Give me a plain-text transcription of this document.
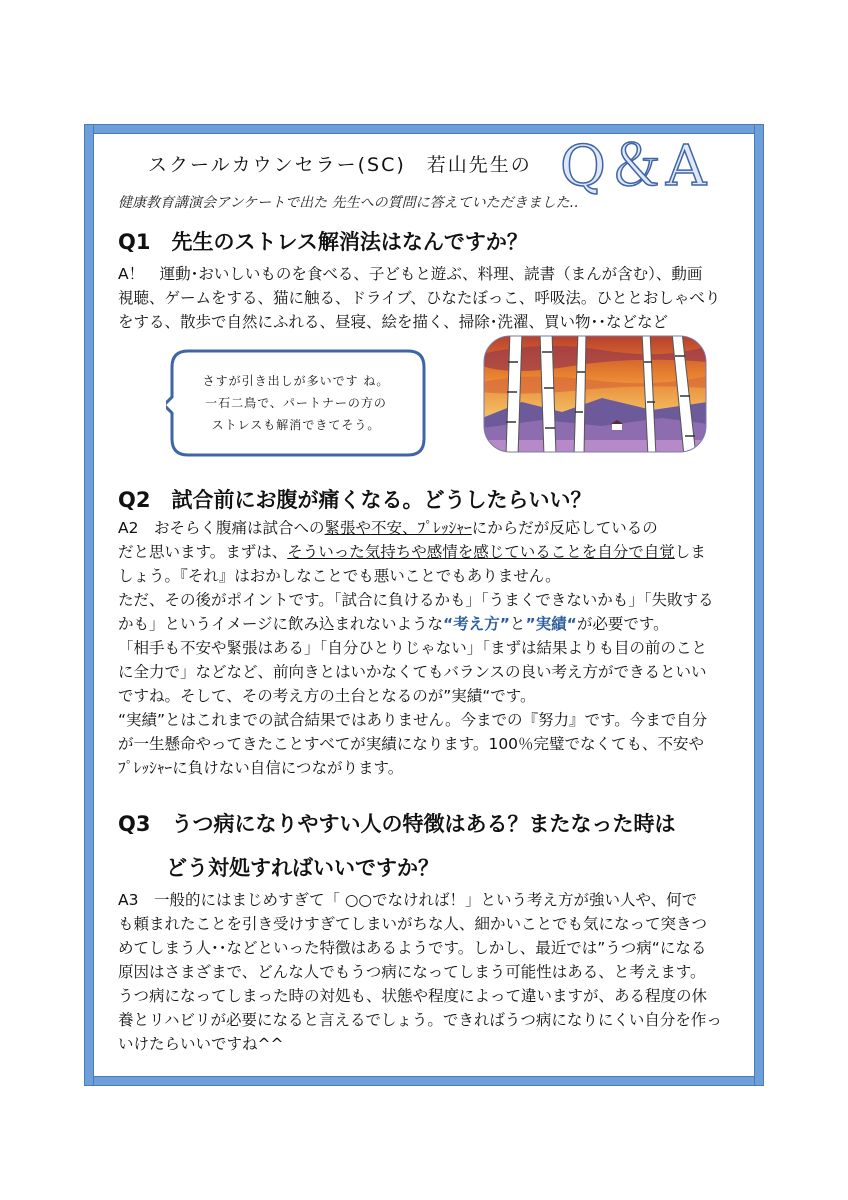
スクールカウンセラー(SC)　若山先生の Q＆A
健康教育講演会アンケートで出た 先生への質問に答えていただきました‥
Q1　先生のストレス解消法はなんですか？
A！　運動･おいしいものを食べる、子どもと遊ぶ、料理、読書（まんが含む）、動画
視聴、ゲームをする、猫に触る、ドライブ、ひなたぼっこ、呼吸法。ひととおしゃべり
をする、散歩で自然にふれる、昼寝、絵を描く、掃除･洗濯、買い物･･などなど
さすが引き出しが多いです ね。
一石二鳥で、パートナーの方の
ストレスも解消できてそう。
Q2　試合前にお腹が痛くなる。どうしたらいい？
A2　おそらく腹痛は試合への緊張や不安、ﾌﾟﾚｯｼｬｰにからだが反応しているの
だと思います。まずは、そういった気持ちや感情を感じていることを自分で自覚しま
しょう。『それ』はおかしなことでも悪いことでもありません。
ただ、その後がポイントです。「試合に負けるかも」「うまくできないかも」「失敗する
かも」というイメージに飲み込まれないような“考え方”と”実績“が必要です。
「相手も不安や緊張はある」「自分ひとりじゃない」「まずは結果よりも目の前のこと
に全力で」などなど、前向きとはいかなくてもバランスの良い考え方ができるといい
ですね。そして、その考え方の土台となるのが”実績“です。
“実績”とはこれまでの試合結果ではありません。今までの『努力』です。今まで自分
が一生懸命やってきたことすべてが実績になります。100％完璧でなくても、不安や
ﾌﾟﾚｯｼｬｰに負けない自信につながります。
Q3　うつ病になりやすい人の特徴はある？またなった時は
どう対処すればいいですか？
A3　一般的にはまじめすぎて「 ○○でなければ！」という考え方が強い人や、何で
も頼まれたことを引き受けすぎてしまいがちな人、細かいことでも気になって突きつ
めてしまう人･･などといった特徴はあるようです。しかし、最近では”うつ病“になる
原因はさまざまで、どんな人でもうつ病になってしまう可能性はある、と考えます。
うつ病になってしまった時の対処も、状態や程度によって違いますが、ある程度の休
養とリハビリが必要になると言えるでしょう。できればうつ病になりにくい自分を作っ
いけたらいいですね^^
